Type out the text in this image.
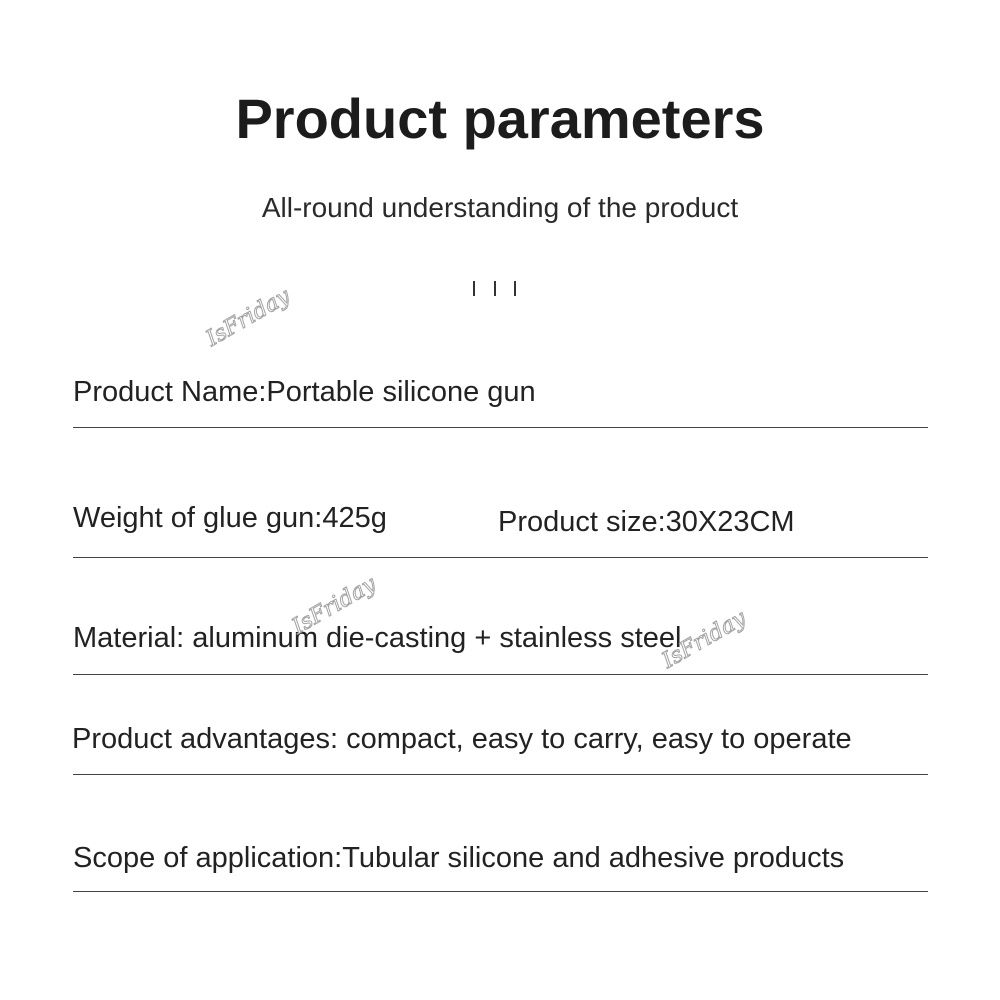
Product parameters
All-round understanding of the product
Product Name:Portable silicone gun
Weight of glue gun:425g	Product size:30X23CM
Material: aluminum die-casting + stainless steel
Product advantages: compact, easy to carry, easy to operate
Scope of application:Tubular silicone and adhesive products
IsFriday
IsFriday
IsFriday
